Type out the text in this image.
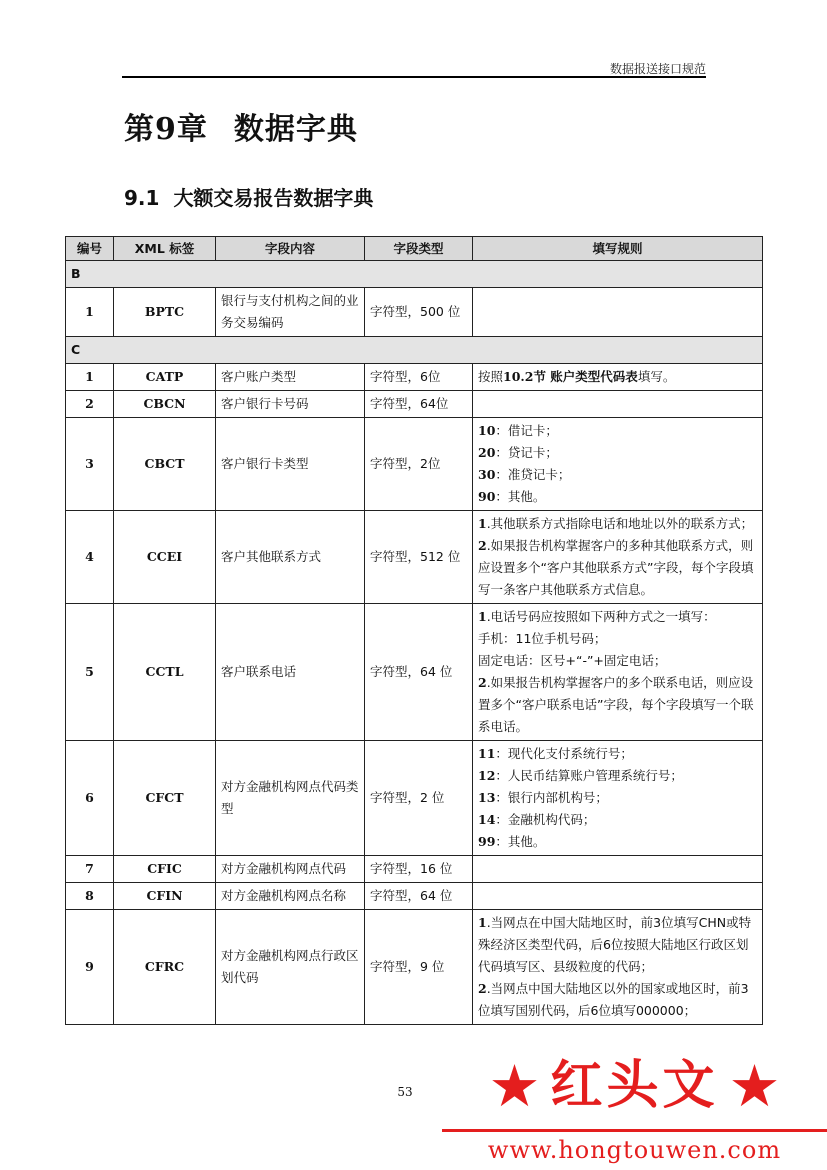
数据报送接口规范
第9章 数据字典
9.1 大额交易报告数据字典
编号	XML 标签	字段内容	字段类型	填写规则
B				
1	BPTC	银行与支付机构之间的业务交易编码	字符型，500 位	
C				
1	CATP	客户账户类型	字符型，6位	按照10.2节 账户类型代码表填写。

2	CBCN	客户银行卡号码	字符型，64位	
3	CBCT	客户银行卡类型	字符型，2位	10：借记卡；
20：贷记卡；
30：准贷记卡；
90：其他。

4	CCEI	客户其他联系方式	字符型，512 位	1.其他联系方式指除电话和地址以外的联系方式；
2.如果报告机构掌握客户的多种其他联系方式，则应设置多个“客户其他联系方式”字段，每个字段填写一条客户其他联系方式信息。

5	CCTL	客户联系电话	字符型，64 位	1.电话号码应按照如下两种方式之一填写：
手机：11位手机号码；
固定电话：区号+“-”+固定电话；
2.如果报告机构掌握客户的多个联系电话，则应设置多个“客户联系电话”字段，每个字段填写一个联系电话。

6	CFCT	对方金融机构网点代码类型	字符型，2 位	11：现代化支付系统行号；
12：人民币结算账户管理系统行号；
13：银行内部机构号；
14：金融机构代码；
99：其他。

7	CFIC	对方金融机构网点代码	字符型，16 位	
8	CFIN	对方金融机构网点名称	字符型，64 位	
9	CFRC	对方金融机构网点行政区划代码	字符型，9 位	1.当网点在中国大陆地区时，前3位填写CHN或特殊经济区类型代码，后6位按照大陆地区行政区划代码填写区、县级粒度的代码；
2.当网点中国大陆地区以外的国家或地区时，前3位填写国别代码，后6位填写000000；
53 ★ 红头文 ★
www.hongtouwen.com
